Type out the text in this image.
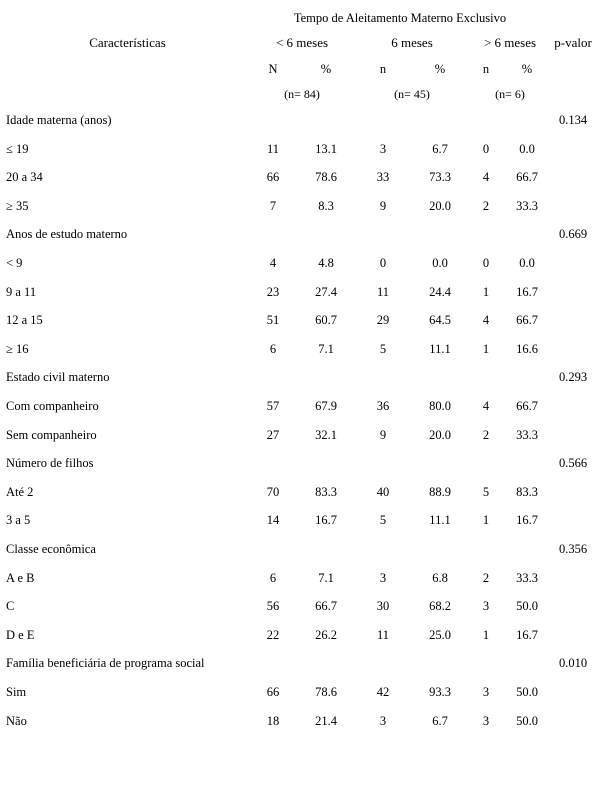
	Tempo de Aleitamento Materno Exclusivo						
Características	< 6 meses		6 meses		> 6 meses		p-valor
	N	%	n	%	n	%	
	(n= 84)		(n= 45)		(n= 6)		
Idade materna (anos)							0.134
≤ 19	11	13.1	3	6.7	0	0.0	
20 a 34	66	78.6	33	73.3	4	66.7	
≥ 35	7	8.3	9	20.0	2	33.3	
Anos de estudo materno							0.669
< 9	4	4.8	0	0.0	0	0.0	
9 a 11	23	27.4	11	24.4	1	16.7	
12 a 15	51	60.7	29	64.5	4	66.7	
≥ 16	6	7.1	5	11.1	1	16.6	
Estado civil materno							0.293
Com companheiro	57	67.9	36	80.0	4	66.7	
Sem companheiro	27	32.1	9	20.0	2	33.3	
Número de filhos							0.566
Até 2	70	83.3	40	88.9	5	83.3	
3 a 5	14	16.7	5	11.1	1	16.7	
Classe econômica							0.356
A e B	6	7.1	3	6.8	2	33.3	
C	56	66.7	30	68.2	3	50.0	
D e E	22	26.2	11	25.0	1	16.7	
Família beneficiária de programa social							0.010
Sim	66	78.6	42	93.3	3	50.0	
Não	18	21.4	3	6.7	3	50.0	
